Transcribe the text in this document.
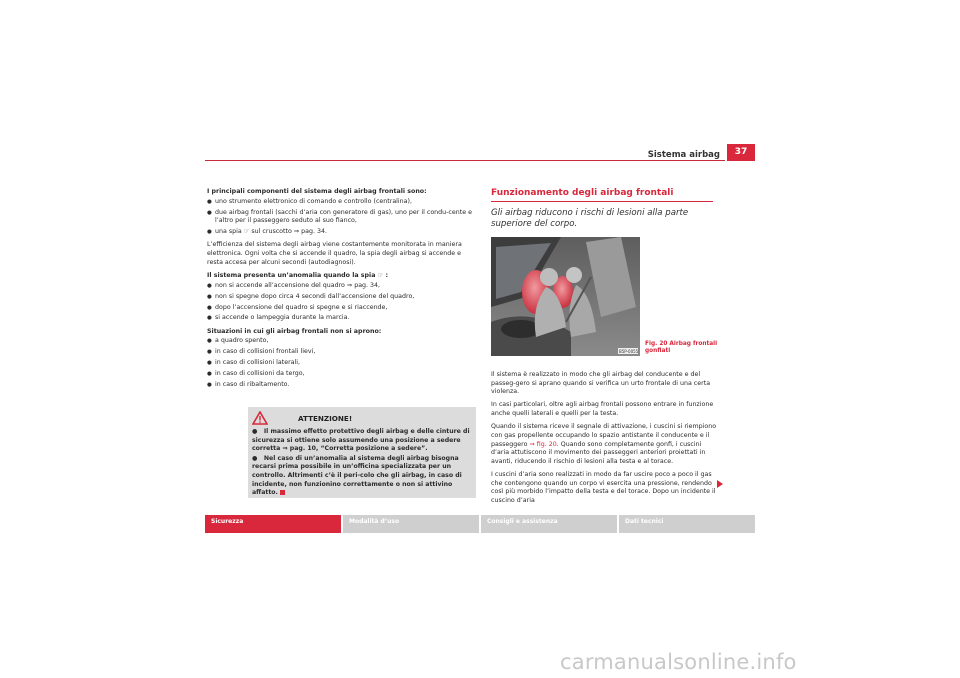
Sistema airbag	37

I principali componenti del sistema degli airbag frontali sono:

● uno strumento elettronico di comando e controllo (centralina),
● due airbag frontali (sacchi d’aria con generatore di gas), uno per il condu-cente e l’altro per il passeggero seduto al suo fianco,
● una spia ☞ sul cruscotto ⇒ pag. 34.

L’efficienza del sistema degli airbag viene costantemente monitorata in maniera elettronica. Ogni volta che si accende il quadro, la spia degli airbag si accende e resta accesa per alcuni secondi (autodiagnosi).

Il sistema presenta un’anomalia quando la spia ☞ :

● non si accende all’accensione del quadro ⇒ pag. 34,
● non si spegne dopo circa 4 secondi dall’accensione del quadro,
● dopo l’accensione del quadro si spegne e si riaccende,
● si accende o lampeggia durante la marcia.

Situazioni in cui gli airbag frontali non si aprono:

● a quadro spento,
● in caso di collisioni frontali lievi,
● in caso di collisioni laterali,
● in caso di collisioni da tergo,
● in caso di ribaltamento.
ATTENZIONE!

● Il massimo effetto protettivo degli airbag e delle cinture di sicurezza si ottiene solo assumendo una posizione a sedere corretta ⇒ pag. 10, “Corretta posizione a sedere”.

● Nel caso di un’anomalia al sistema degli airbag bisogna recarsi prima possibile in un’officina specializzata per un controllo. Altrimenti c’è il peri-colo che gli airbag, in caso di incidente, non funzionino correttamente o non si attivino affatto.

Funzionamento degli airbag frontali
Gli airbag riducono i rischi di lesioni alla parte superiore del corpo.
B5P-0055
Fig. 20 Airbag frontali
gonfiati

Il sistema è realizzato in modo che gli airbag del conducente e del passeg-gero si aprano quando si verifica un urto frontale di una certa violenza.

In casi particolari, oltre agli airbag frontali possono entrare in funzione anche quelli laterali e quelli per la testa.

Quando il sistema riceve il segnale di attivazione, i cuscini si riempiono con gas propellente occupando lo spazio antistante il conducente e il passeggero ⇒ fig. 20. Quando sono completamente gonfi, i cuscini d’aria attutiscono il movimento dei passeggeri anteriori proiettati in avanti, riducendo il rischio di lesioni alla testa e al torace.

I cuscini d’aria sono realizzati in modo da far uscire poco a poco il gas che contengono quando un corpo vi esercita una pressione, rendendo così più morbido l’impatto della testa e del torace. Dopo un incidente il cuscino d’aria

Sicurezza	Modalità d’uso	Consigli e assistenza	Dati tecnici
carmanualsonline.info
